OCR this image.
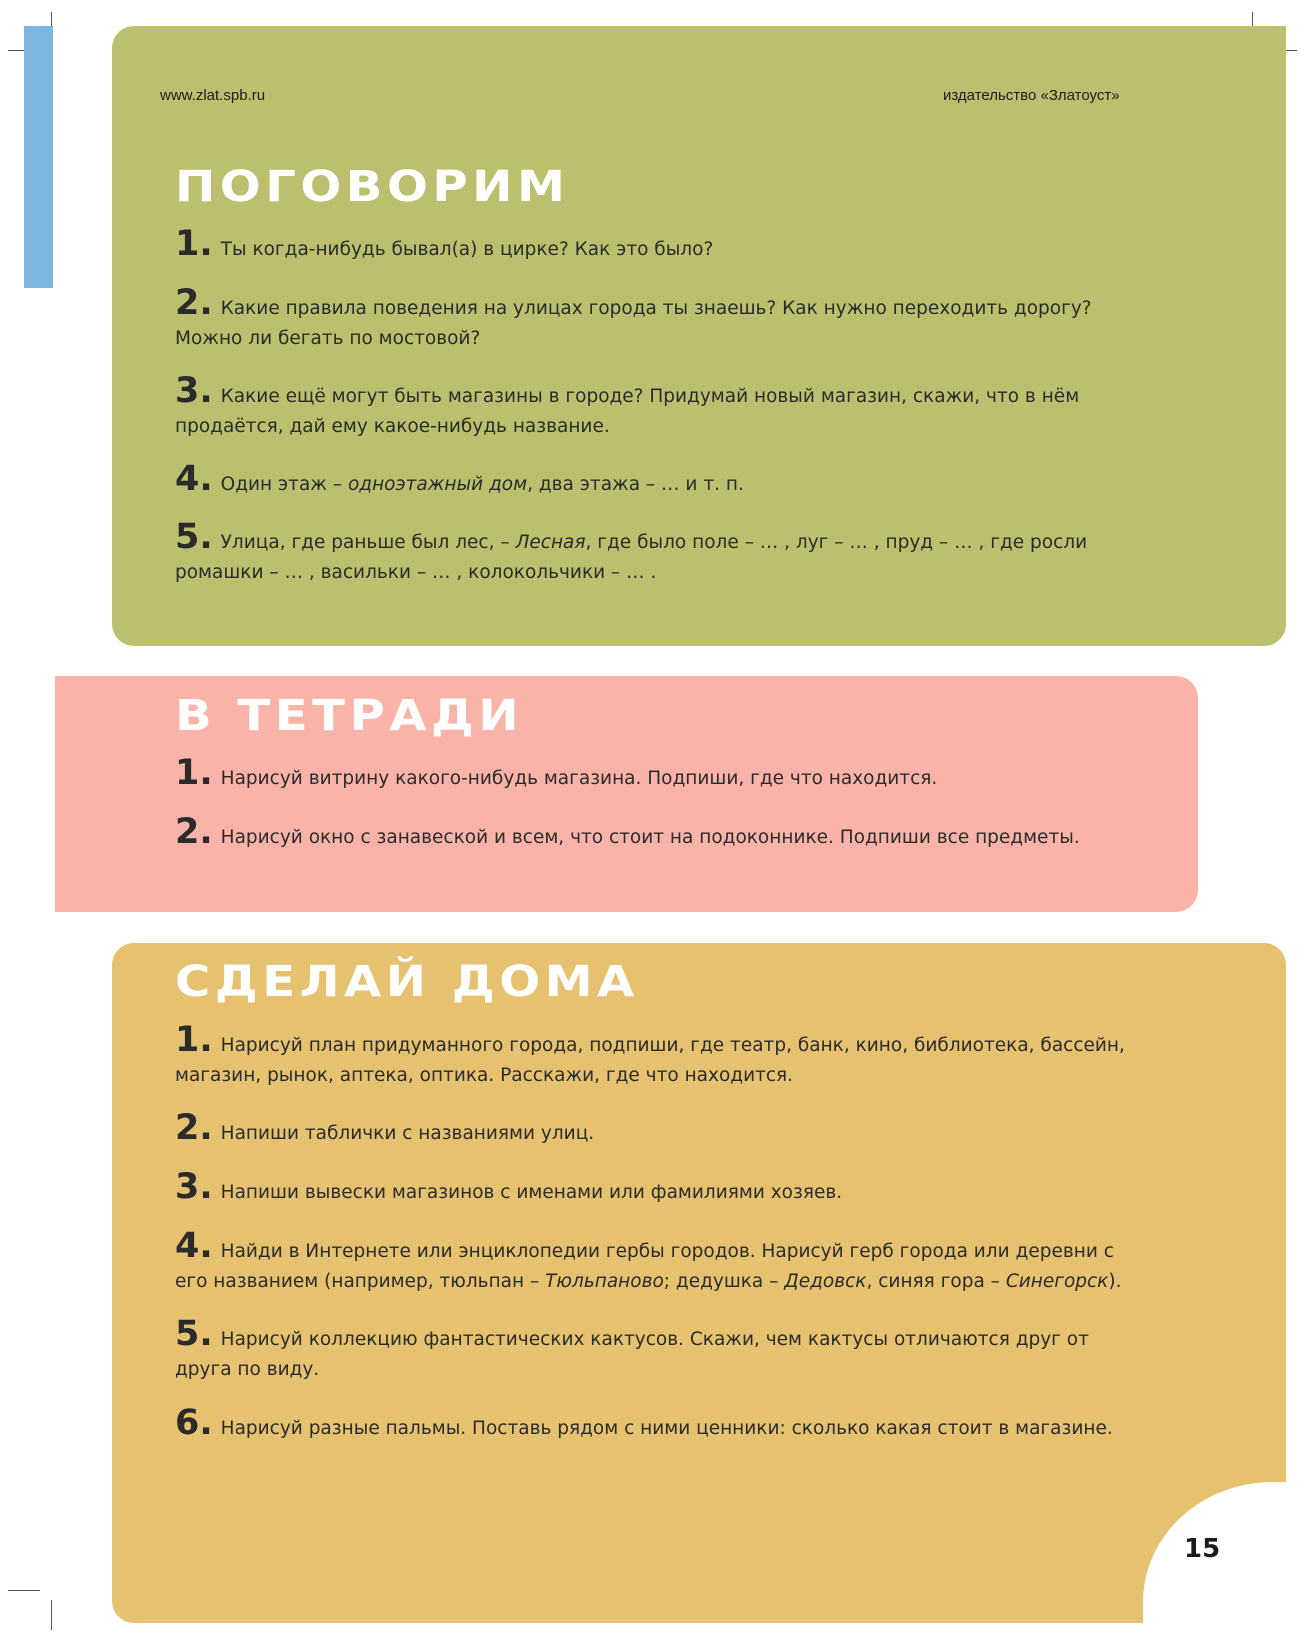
www.zlat.spb.ru	издательство «Златоуст»
ПОГОВОРИМ

1. Ты когда-нибудь бывал(а) в цирке? Как это было?

2. Какие правила поведения на улицах города ты знаешь? Как нужно переходить дорогу? Можно ли бегать по мостовой?

3. Какие ещё могут быть магазины в городе? Придумай новый магазин, скажи, что в нём продаётся, дай ему какое-нибудь название.

4. Один этаж – одноэтажный дом, два этажа – … и т. п.

5. Улица, где раньше был лес, – Лесная, где было поле – … , луг – … , пруд – … , где росли ромашки – … , васильки – … , колокольчики – … .

В ТЕТРАДИ

1. Нарисуй витрину какого-нибудь магазина. Подпиши, где что находится.

2. Нарисуй окно с занавеской и всем, что стоит на подоконнике. Подпиши все предметы.

СДЕЛАЙ ДОМА

1. Нарисуй план придуманного города, подпиши, где театр, банк, кино, библиотека, бассейн, магазин, рынок, аптека, оптика. Расскажи, где что находится.

2. Напиши таблички с названиями улиц.

3. Напиши вывески магазинов с именами или фамилиями хозяев.

4. Найди в Интернете или энциклопедии гербы городов. Нарисуй герб города или деревни с его названием (например, тюльпан – Тюльпаново; дедушка – Дедовск, синяя гора – Синегорск).

5. Нарисуй коллекцию фантастических кактусов. Скажи, чем кактусы отличаются друг от друга по виду.

6. Нарисуй разные пальмы. Поставь рядом с ними ценники: сколько какая стоит в магазине.

15
